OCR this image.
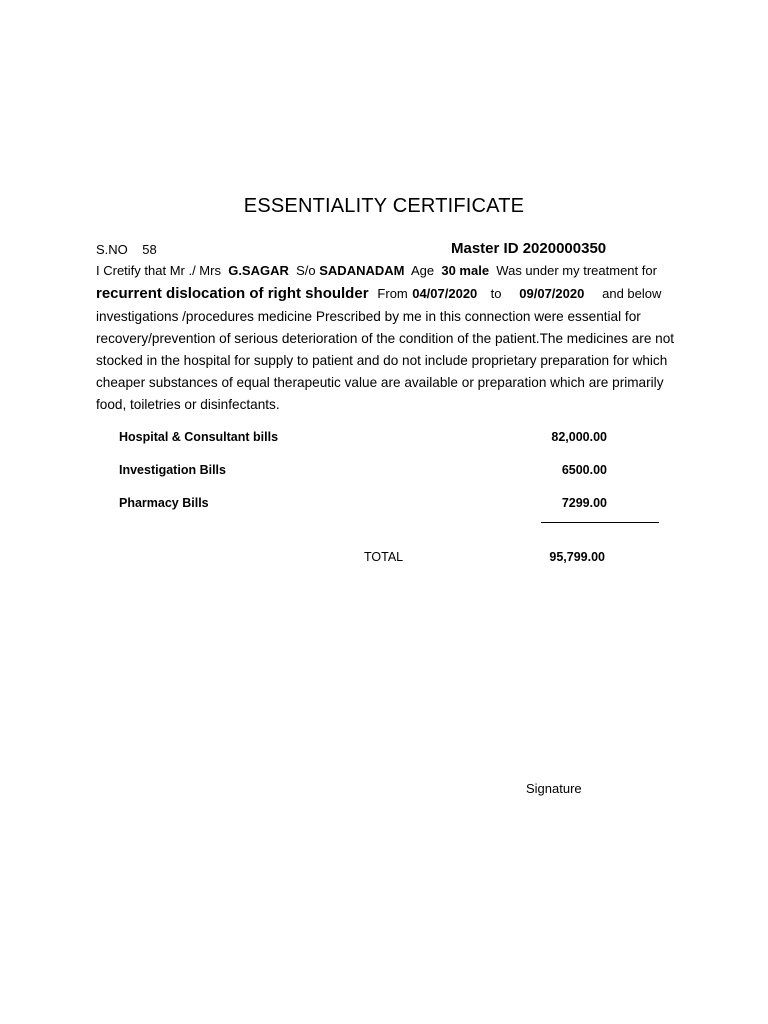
ESSENTIALITY CERTIFICATE
S.NO 58	Master ID 2020000350
I Cretify that Mr ./ Mrs G.SAGAR S/o SADANADAM Age 30 male Was under my treatment for
recurrent dislocation of right shoulder From 04/07/2020 to 09/07/2020 and below
investigations /procedures medicine Prescribed by me in this connection were essential for recovery/prevention of serious deterioration of the condition of the patient.The medicines are not stocked in the hospital for supply to patient and do not include proprietary preparation for which cheaper substances of equal therapeutic value are available or preparation which are primarily food, toiletries or disinfectants.
Hospital & Consultant bills	82,000.00
Investigation Bills	6500.00
Pharmacy Bills	7299.00
TOTAL	95,799.00
Signature
